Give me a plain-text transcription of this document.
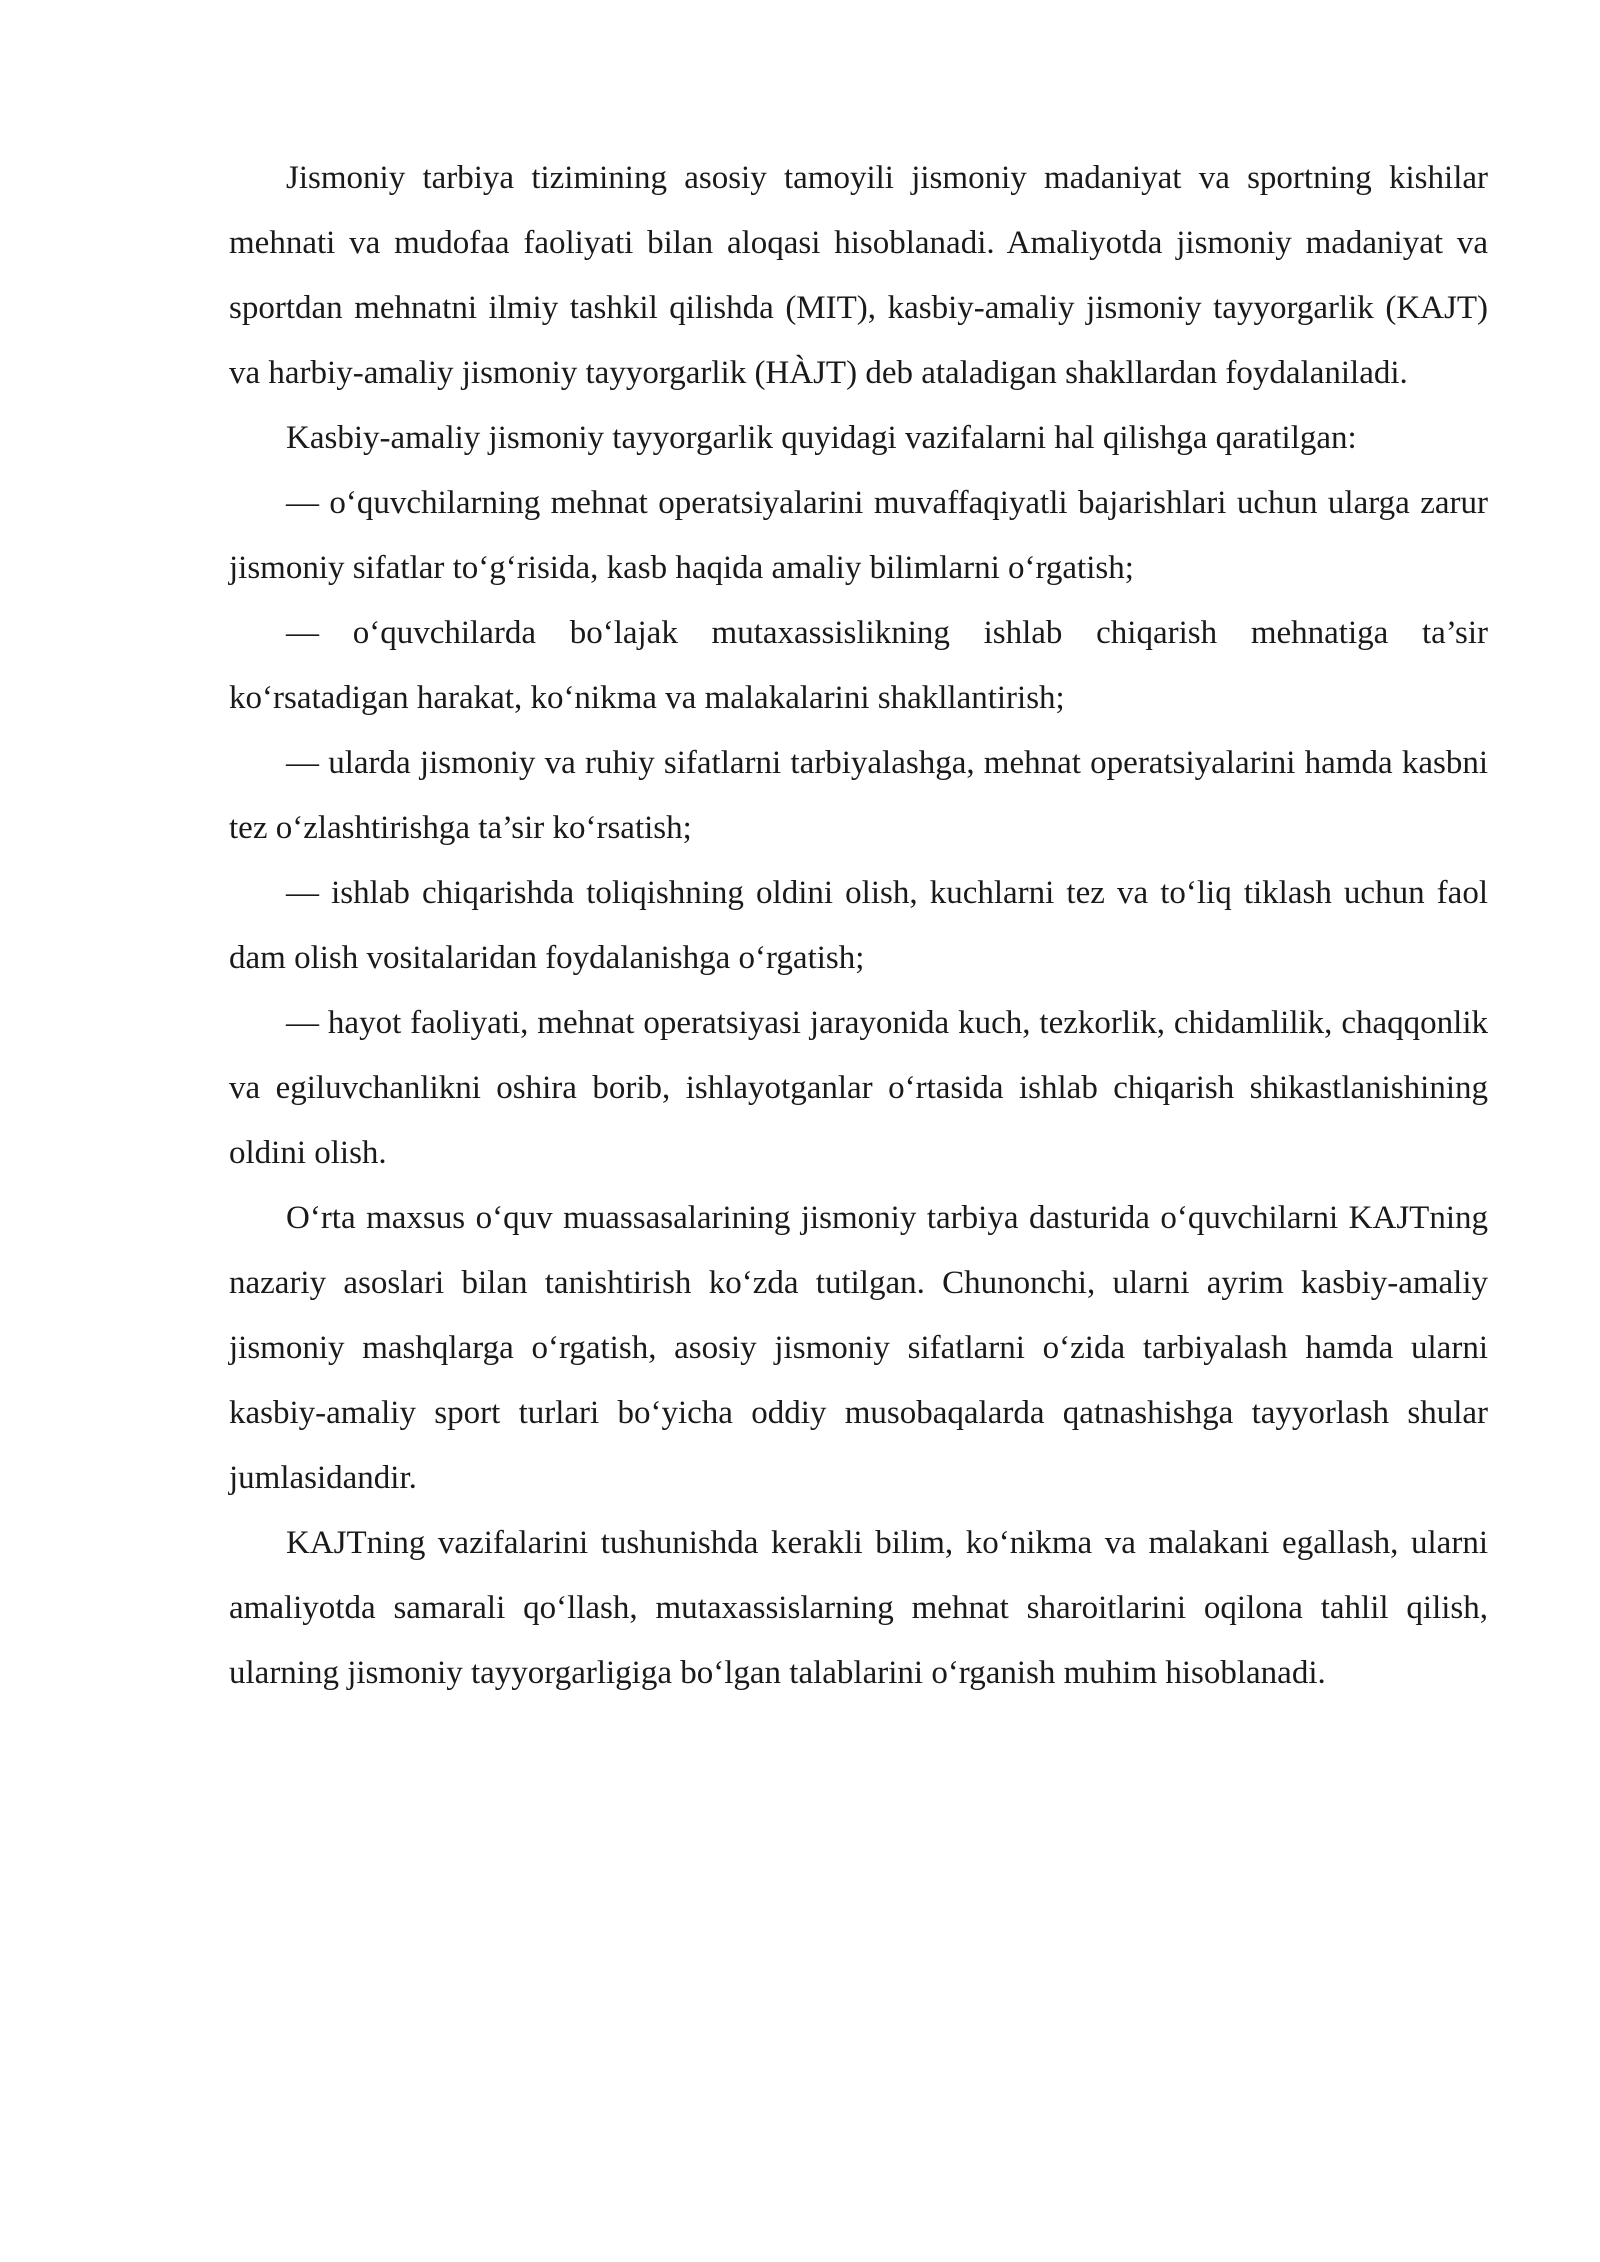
Jismoniy tarbiya tizimining asosiy tamoyili jismoniy madaniyat va sportning kishilar mehnati va mudofaa faoliyati bilan aloqasi hisoblanadi. Amaliyotda jismoniy madaniyat va sportdan mehnatni ilmiy tashkil qilishda (MIT), kasbiy-amaliy jismoniy tayyorgarlik (KAJT) va harbiy-amaliy jismoniy tayyorgarlik (HÀJT) deb ataladigan shakllardan foydalaniladi.

Kasbiy-amaliy jismoniy tayyorgarlik quyidagi vazifalarni hal qilishga qaratilgan:

— o‘quvchilarning mehnat operatsiyalarini muvaffaqiyatli bajarishlari uchun ularga zarur jismoniy sifatlar to‘g‘risida, kasb haqida amaliy bilimlarni o‘rgatish;

— o‘quvchilarda bo‘lajak mutaxassislikning ishlab chiqarish mehnatiga ta’sir ko‘rsatadigan harakat, ko‘nikma va malakalarini shakllantirish;

— ularda jismoniy va ruhiy sifatlarni tarbiyalashga, mehnat operatsiyalarini hamda kasbni tez o‘zlashtirishga ta’sir ko‘rsatish;

— ishlab chiqarishda toliqishning oldini olish, kuchlarni tez va to‘liq tiklash uchun faol dam olish vositalaridan foydalanishga o‘rgatish;

— hayot faoliyati, mehnat operatsiyasi jarayonida kuch, tezkorlik, chidamlilik, chaqqonlik va egiluvchanlikni oshira borib, ishlayotganlar o‘rtasida ishlab chiqarish shikastlanishining oldini olish.

O‘rta maxsus o‘quv muassasalarining jismoniy tarbiya dasturida o‘quvchilarni KAJTning nazariy asoslari bilan tanishtirish ko‘zda tutilgan. Chunonchi, ularni ayrim kasbiy-amaliy jismoniy mashqlarga o‘rgatish, asosiy jismoniy sifatlarni o‘zida tarbiyalash hamda ularni kasbiy-amaliy sport turlari bo‘yicha oddiy musobaqalarda qatnashishga tayyorlash shular jumlasidandir.

KAJTning vazifalarini tushunishda kerakli bilim, ko‘nikma va malakani egallash, ularni amaliyotda samarali qo‘llash, mutaxassislarning mehnat sharoitlarini oqilona tahlil qilish, ularning jismoniy tayyorgarligiga bo‘lgan talablarini o‘rganish muhim hisoblanadi.
